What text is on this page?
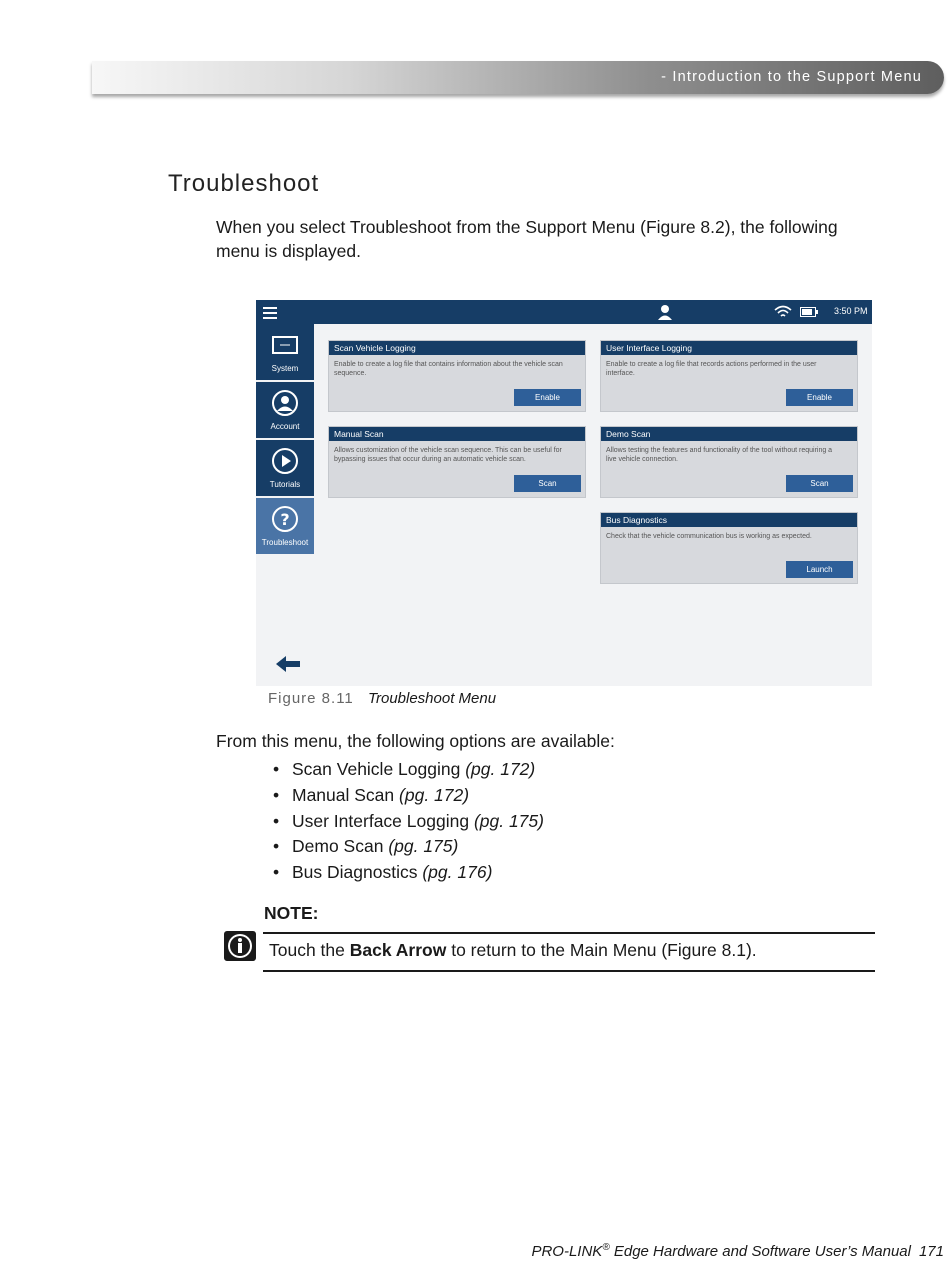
- Introduction to the Support Menu
Troubleshoot
When you select Troubleshoot from the Support Menu (Figure 8.2), the following menu is displayed.
3:50 PM
System
Account
Tutorials
?
Troubleshoot
Scan Vehicle Logging
Enable to create a log file that contains information about the vehicle scan sequence.
Enable
User Interface Logging
Enable to create a log file that records actions performed in the user interface.
Enable
Manual Scan
Allows customization of the vehicle scan sequence. This can be useful for bypassing issues that occur during an automatic vehicle scan.
Scan
Demo Scan
Allows testing the features and functionality of the tool without requiring a live vehicle connection.
Scan
Bus Diagnostics
Check that the vehicle communication bus is working as expected.
Launch
Figure 8.11 Troubleshoot Menu
From this menu, the following options are available:
• Scan Vehicle Logging (pg. 172)
• Manual Scan (pg. 172)
• User Interface Logging (pg. 175)
• Demo Scan (pg. 175)
• Bus Diagnostics (pg. 176)
NOTE:
Touch the Back Arrow to return to the Main Menu (Figure 8.1).
PRO-LINK® Edge Hardware and Software User’s Manual 171
